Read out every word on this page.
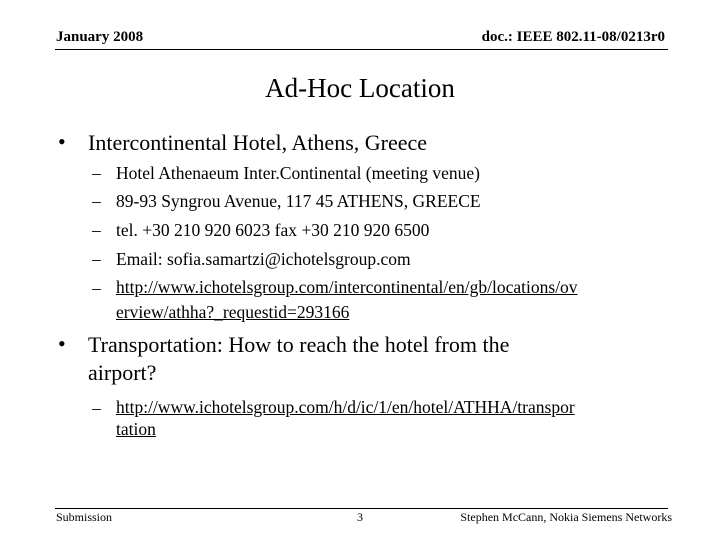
January 2008	doc.: IEEE 802.11-08/0213r0
Ad-Hoc Location
• Intercontinental Hotel, Athens, Greece
– Hotel Athenaeum Inter.Continental (meeting venue)
– 89-93 Syngrou Avenue, 117 45 ATHENS, GREECE
– tel. +30 210 920 6023 fax +30 210 920 6500
– Email: sofia.samartzi@ichotelsgroup.com
– http://www.ichotelsgroup.com/intercontinental/en/gb/locations/ov
erview/athha?_requestid=293166
• Transportation: How to reach the hotel from the
airport?
– http://www.ichotelsgroup.com/h/d/ic/1/en/hotel/ATHHA/transpor
tation
Submission	3	Stephen McCann, Nokia Siemens Networks
